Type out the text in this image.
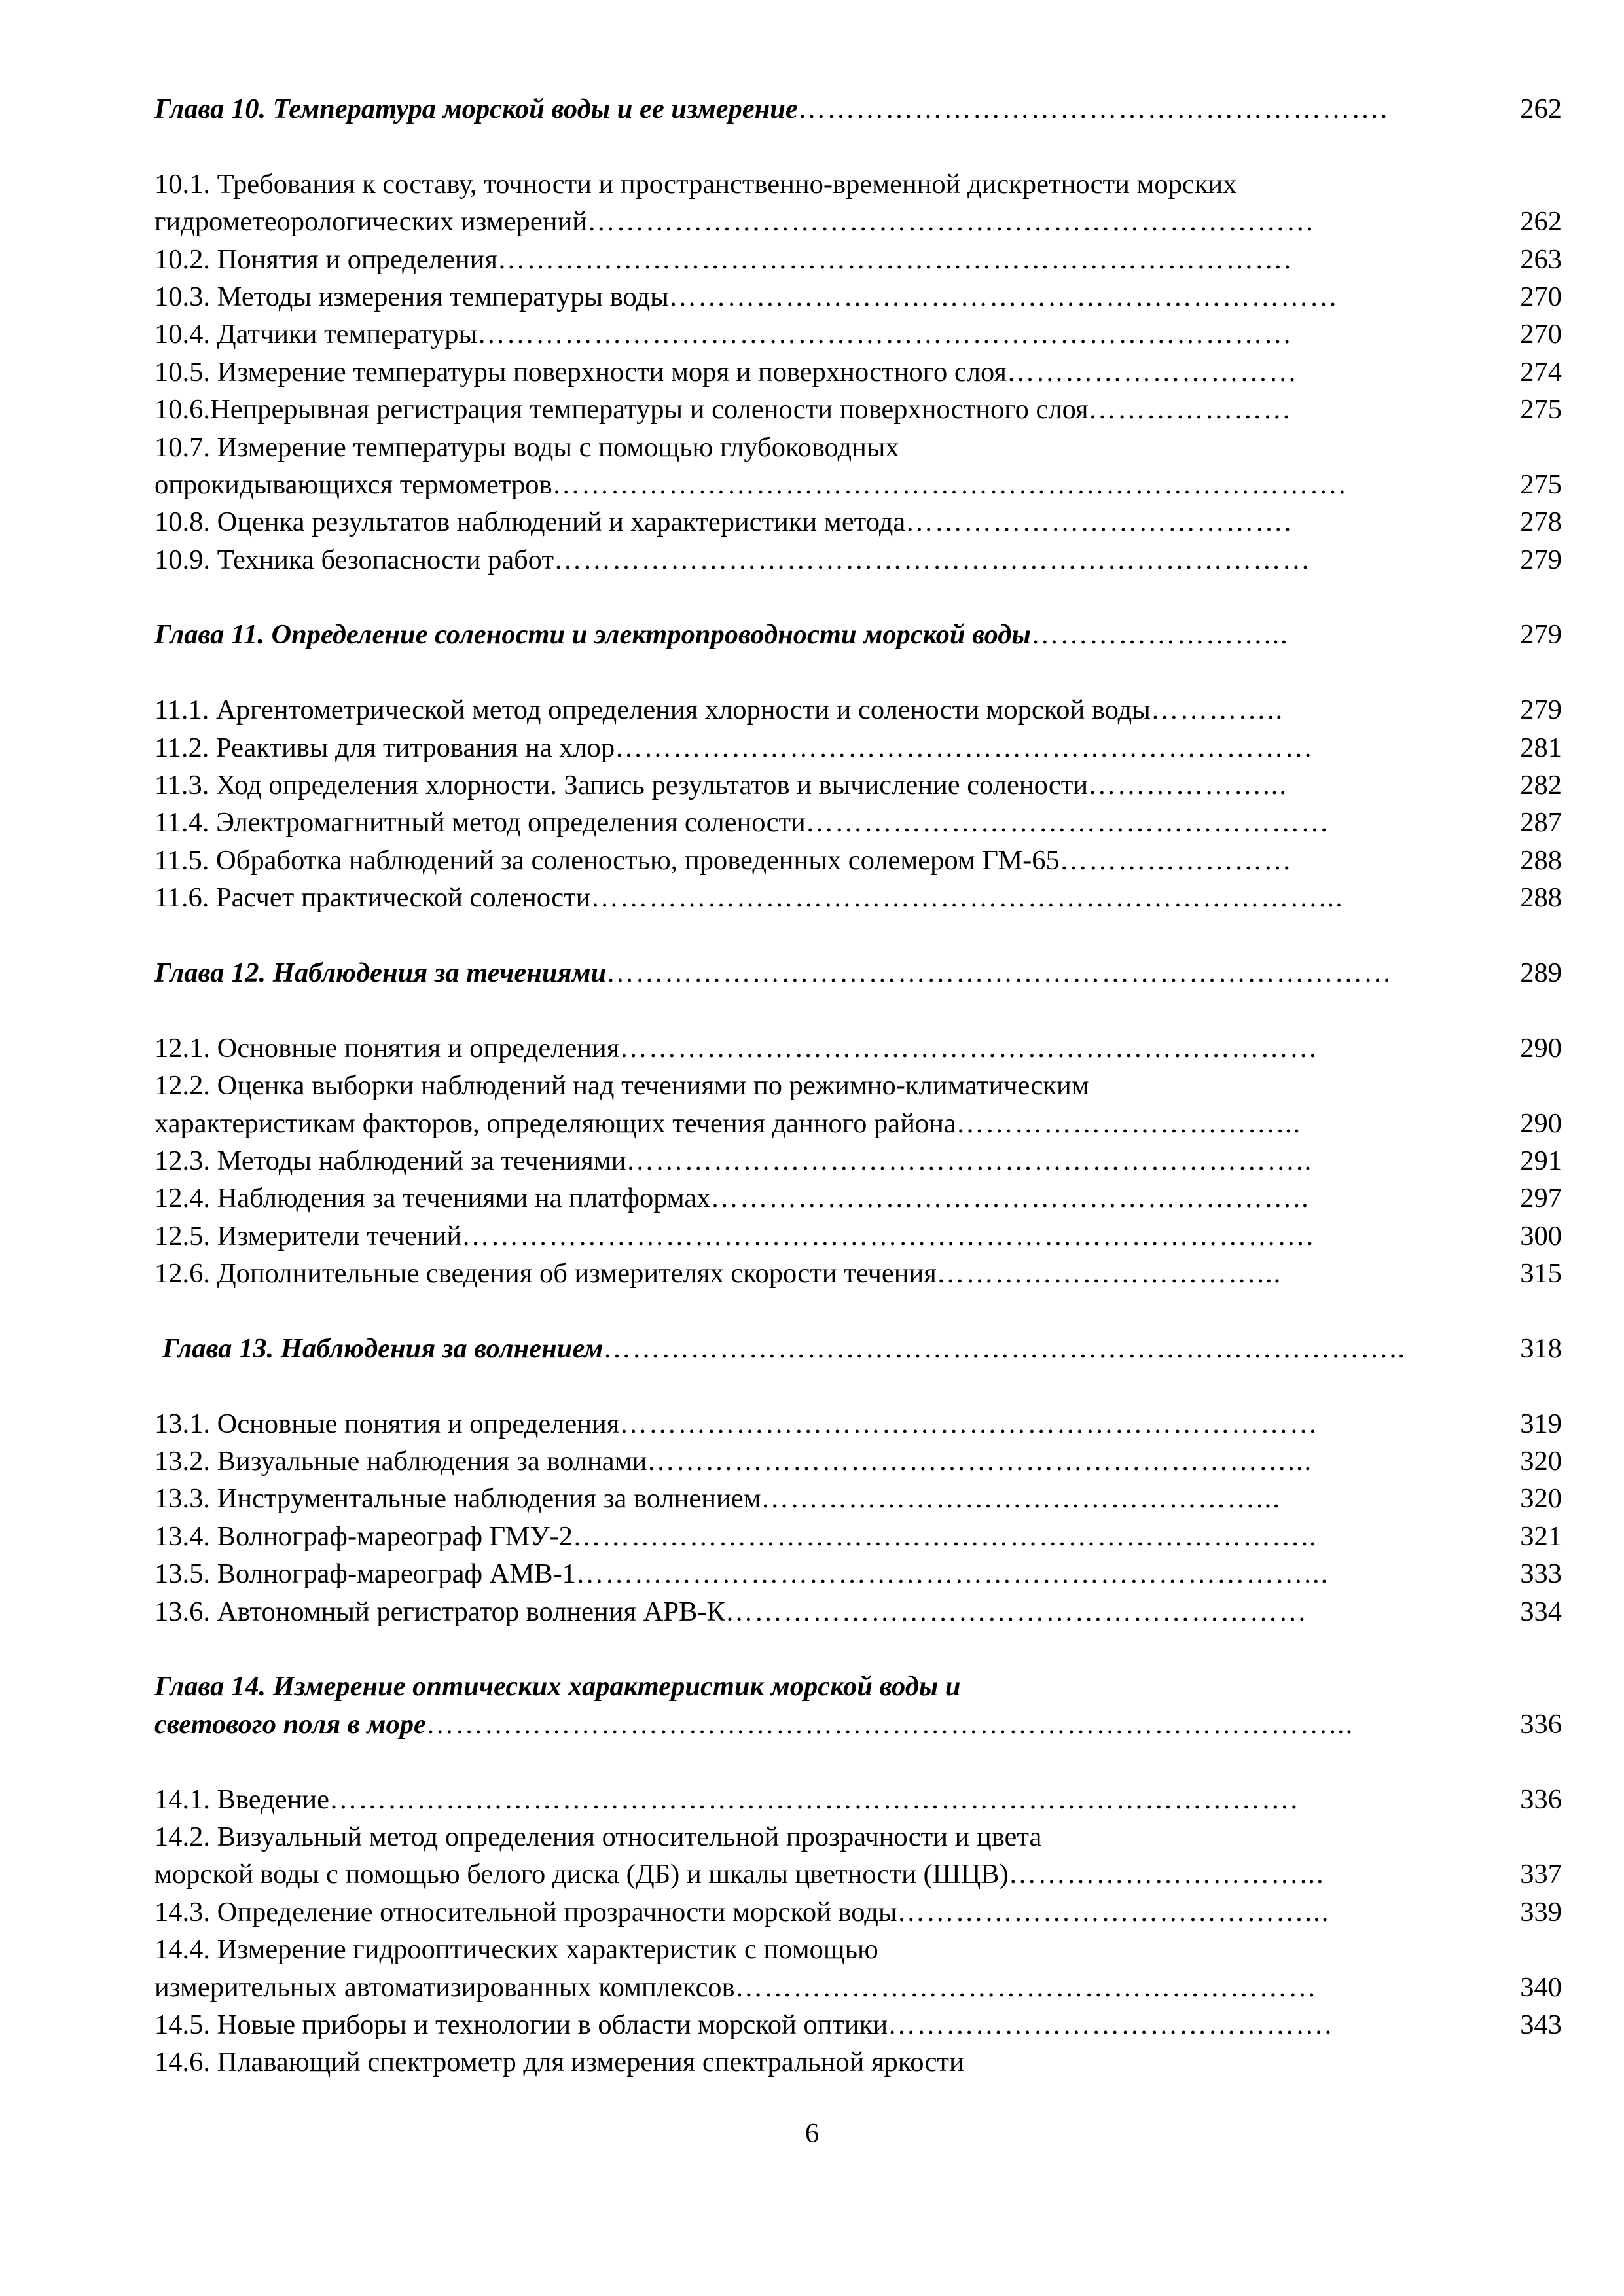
Глава 10. Температура морской воды и ее измерение…………………………………………………….	262
10.1. Требования к составу, точности и пространственно-временной дискретности морских
гидрометеорологических измерений…………………………………………………………………	262
10.2. Понятия и определения……………………………………………………………………….	263
10.3. Методы измерения температуры воды……………………………………………………………	270
10.4. Датчики температуры…………………………………………………………………………	270
10.5. Измерение температуры поверхности моря и поверхностного слоя…………………………	274
10.6.Непрерывная регистрация температуры и солености поверхностного слоя…………………	275
10.7. Измерение температуры воды с помощью глубоководных
опрокидывающихся термометров……………………………………………………………………….	275
10.8. Оценка результатов наблюдений и характеристики метода………………………………….	278
10.9. Техника безопасности работ……………………………………………………………………	279
Глава 11. Определение солености и электропроводности морской воды……………………...	279
11.1. Аргентометрической метод определения хлорности и солености морской воды…………..	279
11.2. Реактивы для титрования на хлор………………………………………………………………	281
11.3. Ход определения хлорности. Запись результатов и вычисление солености………………...	282
11.4. Электромагнитный метод определения солености………………………………………………	287
11.5. Обработка наблюдений за соленостью, проведенных солемером ГМ-65……………………	288
11.6. Расчет практической солености…………………………………………………………………...	288
Глава 12. Наблюдения за течениями………………………………………………………………………	289
12.1. Основные понятия и определения………………………………………………………………	290
12.2. Оценка выборки наблюдений над течениями по режимно-климатическим
характеристикам факторов, определяющих течения данного района……………………………...	290
12.3. Методы наблюдений за течениями……………………………………………………………..	291
12.4. Наблюдения за течениями на платформах……………………………………………………..	297
12.5. Измерители течений…………………………………………………………………………….	300
12.6. Дополнительные сведения об измерителях скорости течения……………………………...	315
Глава 13. Наблюдения за волнением………………………………………………………………………..	318
13.1. Основные понятия и определения………………………………………………………………	319
13.2. Визуальные наблюдения за волнами…………………………………………………………...	320
13.3. Инструментальные наблюдения за волнением……………………………………………...	320
13.4. Волнограф-мареограф ГМУ-2…………………………………………………………………..	321
13.5. Волнограф-мареограф АМВ-1…………………………………………………………………...	333
13.6. Автономный регистратор волнения АРВ-К……………………………………………………	334
Глава 14. Измерение оптических характеристик морской воды и
светового поля в море…………………………………………………………………………………...	336
14.1. Введение……………………………………………………………………………………….	336
14.2. Визуальный метод определения относительной прозрачности и цвета
морской воды с помощью белого диска (ДБ) и шкалы цветности (ШЦВ)…………………………...	337
14.3. Определение относительной прозрачности морской воды……………………………………...	339
14.4. Измерение гидрооптических характеристик с помощью
измерительных автоматизированных комплексов……………………………………………………	340
14.5. Новые приборы и технологии в области морской оптики……………………………………….	343
14.6. Плавающий спектрометр для измерения спектральной яркости
6
